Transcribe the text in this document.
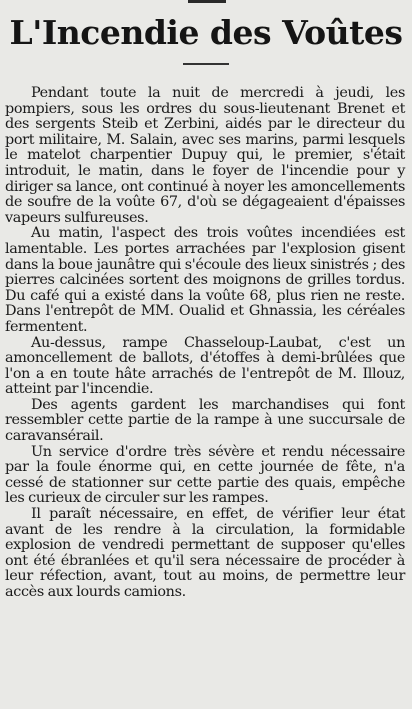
L'Incendie des Voûtes

Pendant toute la nuit de mercredi à jeudi, les pompiers, sous les ordres du sous-lieutenant Brenet et des sergents Steib et Zerbini, aidés par le directeur du port militaire, M. Salain, avec ses marins, parmi lesquels le matelot charpentier Dupuy qui, le premier, s'était introduit, le matin, dans le foyer de l'incendie pour y diriger sa lance, ont continué à noyer les amoncellements de soufre de la voûte 67, d'où se dégageaient d'épaisses vapeurs sulfureuses.

Au matin, l'aspect des trois voûtes incendiées est lamentable. Les portes arrachées par l'explosion gisent dans la boue jaunâtre qui s'écoule des lieux sinistrés ; des pierres calcinées sortent des moignons de grilles tordus. Du café qui a existé dans la voûte 68, plus rien ne reste. Dans l'entrepôt de MM. Oualid et Ghnassia, les céréales fermentent.

Au-dessus, rampe Chasseloup-Laubat, c'est un amoncellement de ballots, d'étoffes à demi-brûlées que l'on a en toute hâte arrachés de l'entrepôt de M. Illouz, atteint par l'incendie.

Des agents gardent les marchandises qui font ressembler cette partie de la rampe à une succursale de caravansérail.

Un service d'ordre très sévère et rendu nécessaire par la foule énorme qui, en cette journée de fête, n'a cessé de stationner sur cette partie des quais, empêche les curieux de circuler sur les rampes.

Il paraît nécessaire, en effet, de vérifier leur état avant de les rendre à la circulation, la formidable explosion de vendredi permettant de supposer qu'elles ont été ébranlées et qu'il sera nécessaire de procéder à leur réfection, avant, tout au moins, de permettre leur accès aux lourds camions.
